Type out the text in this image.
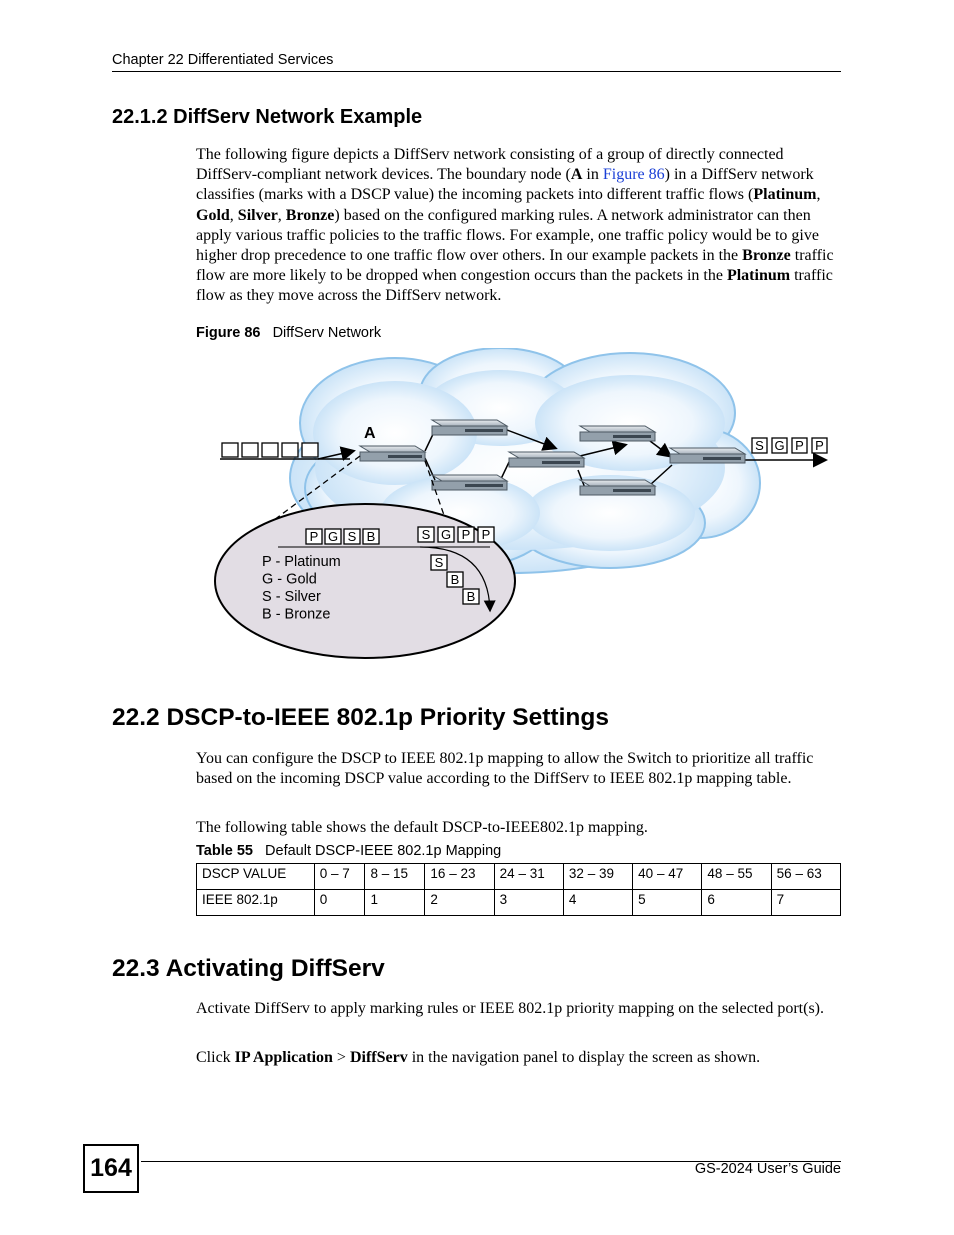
Chapter 22 Differentiated Services
22.1.2 DiffServ Network Example
The following figure depicts a DiffServ network consisting of a group of directly connected DiffServ-compliant network devices. The boundary node (A in Figure 86) in a DiffServ network classifies (marks with a DSCP value) the incoming packets into different traffic flows (Platinum, Gold, Silver, Bronze) based on the configured marking rules. A network administrator can then apply various traffic policies to the traffic flows. For example, one traffic policy would be to give higher drop precedence to one traffic flow over others. In our example packets in the Bronze traffic flow are more likely to be dropped when congestion occurs than the packets in the Platinum traffic flow as they move across the DiffServ network.
Figure 86 DiffServ Network
A
S G P P
P G S B	S G P P
S
B
B
P - Platinum
G - Gold
S - Silver
B - Bronze
22.2 DSCP-to-IEEE 802.1p Priority Settings
You can configure the DSCP to IEEE 802.1p mapping to allow the Switch to prioritize all traffic based on the incoming DSCP value according to the DiffServ to IEEE 802.1p mapping table.
The following table shows the default DSCP-to-IEEE802.1p mapping.
Table 55 Default DSCP-IEEE 802.1p Mapping
DSCP VALUE	0 – 7	8 – 15	16 – 23	24 – 31	32 – 39	40 – 47	48 – 55	56 – 63
IEEE 802.1p	0	1	2	3	4	5	6	7
22.3 Activating DiffServ
Activate DiffServ to apply marking rules or IEEE 802.1p priority mapping on the selected port(s).
Click IP Application > DiffServ in the navigation panel to display the screen as shown.
164	GS-2024 User’s Guide
